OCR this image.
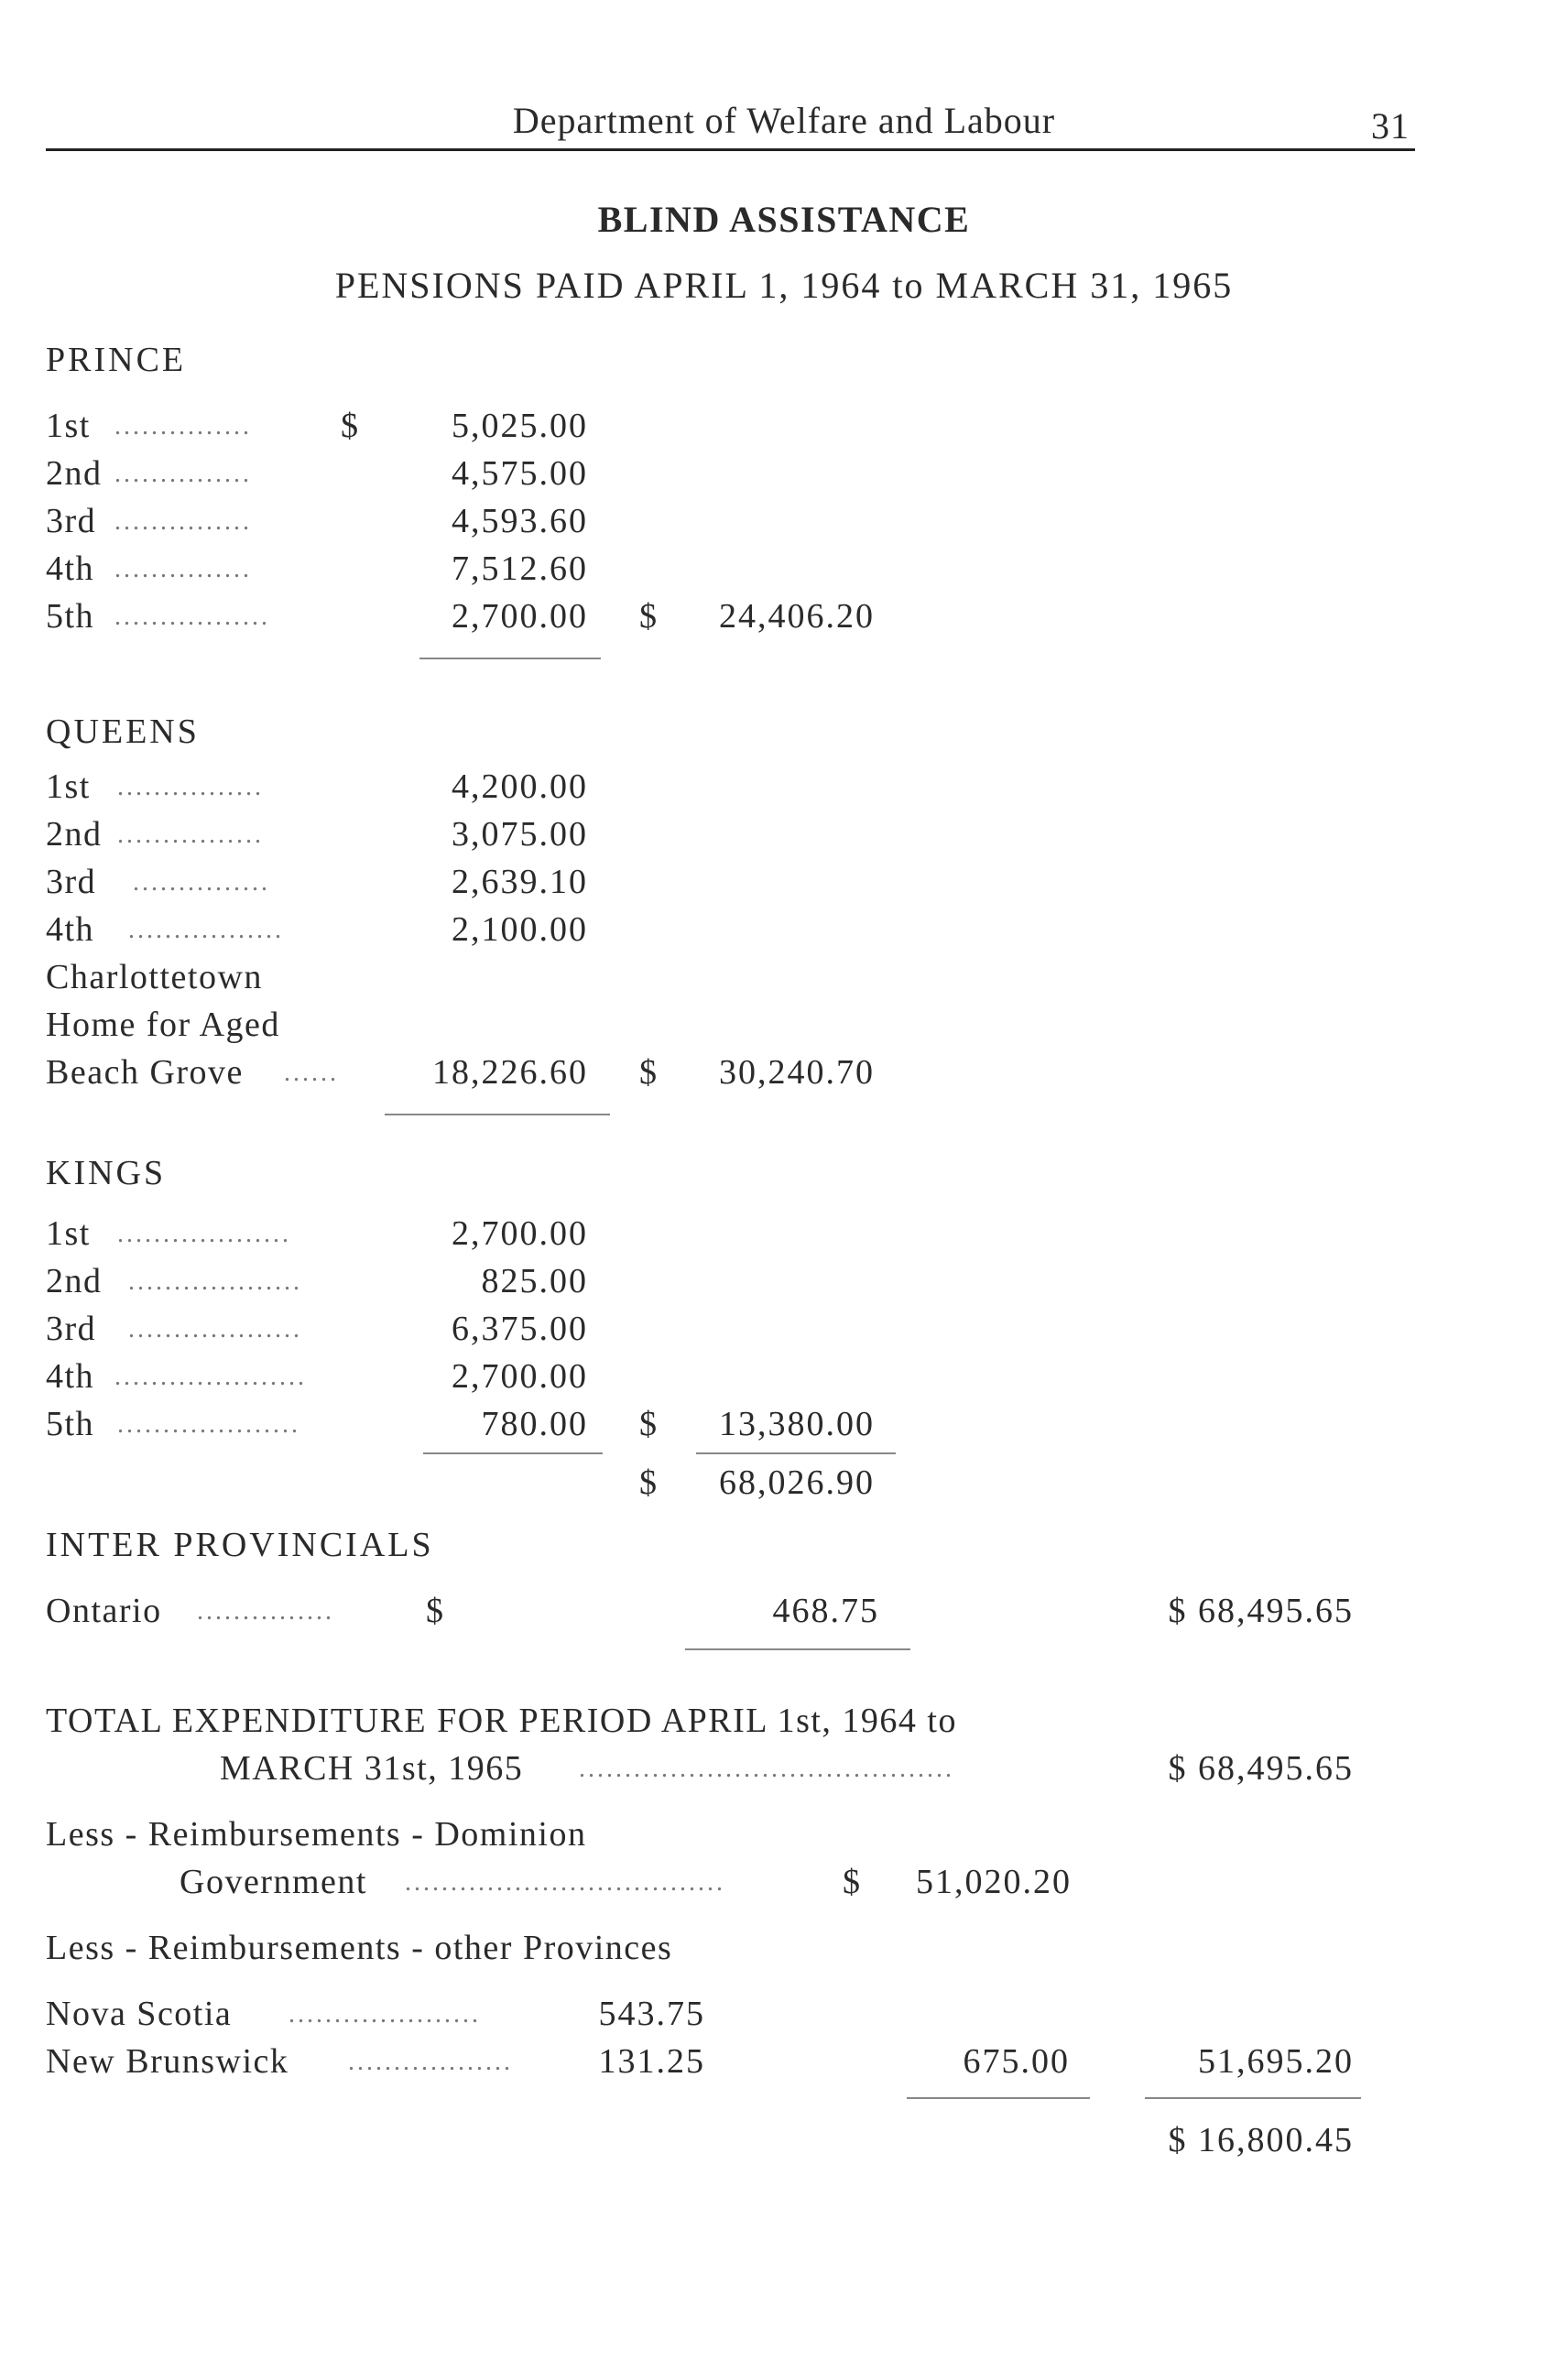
Department of Welfare and Labour	31
BLIND ASSISTANCE
PENSIONS PAID APRIL 1, 1964 to MARCH 31, 1965
PRINCE
1st ...............	$	5,025.00
2nd ...............	4,575.00
3rd ...............	4,593.60
4th ...............	7,512.60
5th .................	2,700.00 $	24,406.20
QUEENS
1st ................	4,200.00
2nd ................	3,075.00
3rd ...............	2,639.10
4th .................	2,100.00
Charlottetown
Home for Aged
Beach Grove ......	18,226.60 $	30,240.70
KINGS
1st ...................	2,700.00
2nd ...................	825.00
3rd ...................	6,375.00
4th .....................	2,700.00
5th ....................	780.00 $	13,380.00
$	68,026.90
INTER PROVINCIALS
Ontario ...............	$	468.75	$ 68,495.65
TOTAL EXPENDITURE FOR PERIOD APRIL 1st, 1964 to
MARCH 31st, 1965 .........................................	$ 68,495.65
Less - Reimbursements - Dominion
Government ...................................	$	51,020.20
Less - Reimbursements - other Provinces
Nova Scotia .....................	543.75
New Brunswick ..................	131.25	675.00	51,695.20
$ 16,800.45
